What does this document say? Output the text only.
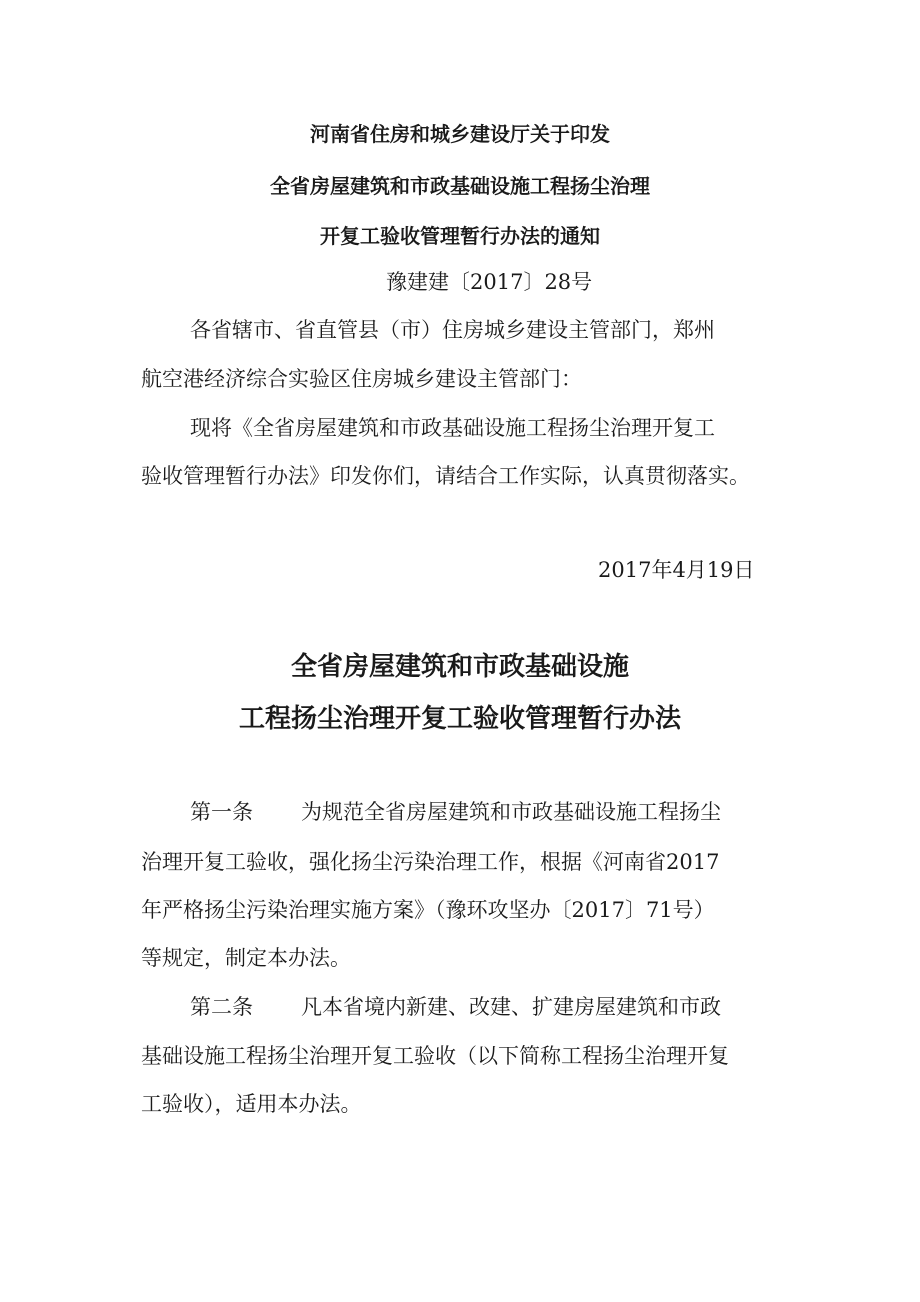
河南省住房和城乡建设厅关于印发
全省房屋建筑和市政基础设施工程扬尘治理
开复工验收管理暂行办法的通知
豫建建〔2017〕28号
各省辖市、省直管县（市）住房城乡建设主管部门，郑州
航空港经济综合实验区住房城乡建设主管部门：
现将《全省房屋建筑和市政基础设施工程扬尘治理开复工
验收管理暂行办法》印发你们，请结合工作实际，认真贯彻落实。
2017年4月19日
全省房屋建筑和市政基础设施
工程扬尘治理开复工验收管理暂行办法
第一条 为规范全省房屋建筑和市政基础设施工程扬尘
治理开复工验收，强化扬尘污染治理工作，根据《河南省2017
年严格扬尘污染治理实施方案》（豫环攻坚办〔2017〕71号）
等规定，制定本办法。
第二条 凡本省境内新建、改建、扩建房屋建筑和市政
基础设施工程扬尘治理开复工验收（以下简称工程扬尘治理开复
工验收），适用本办法。
